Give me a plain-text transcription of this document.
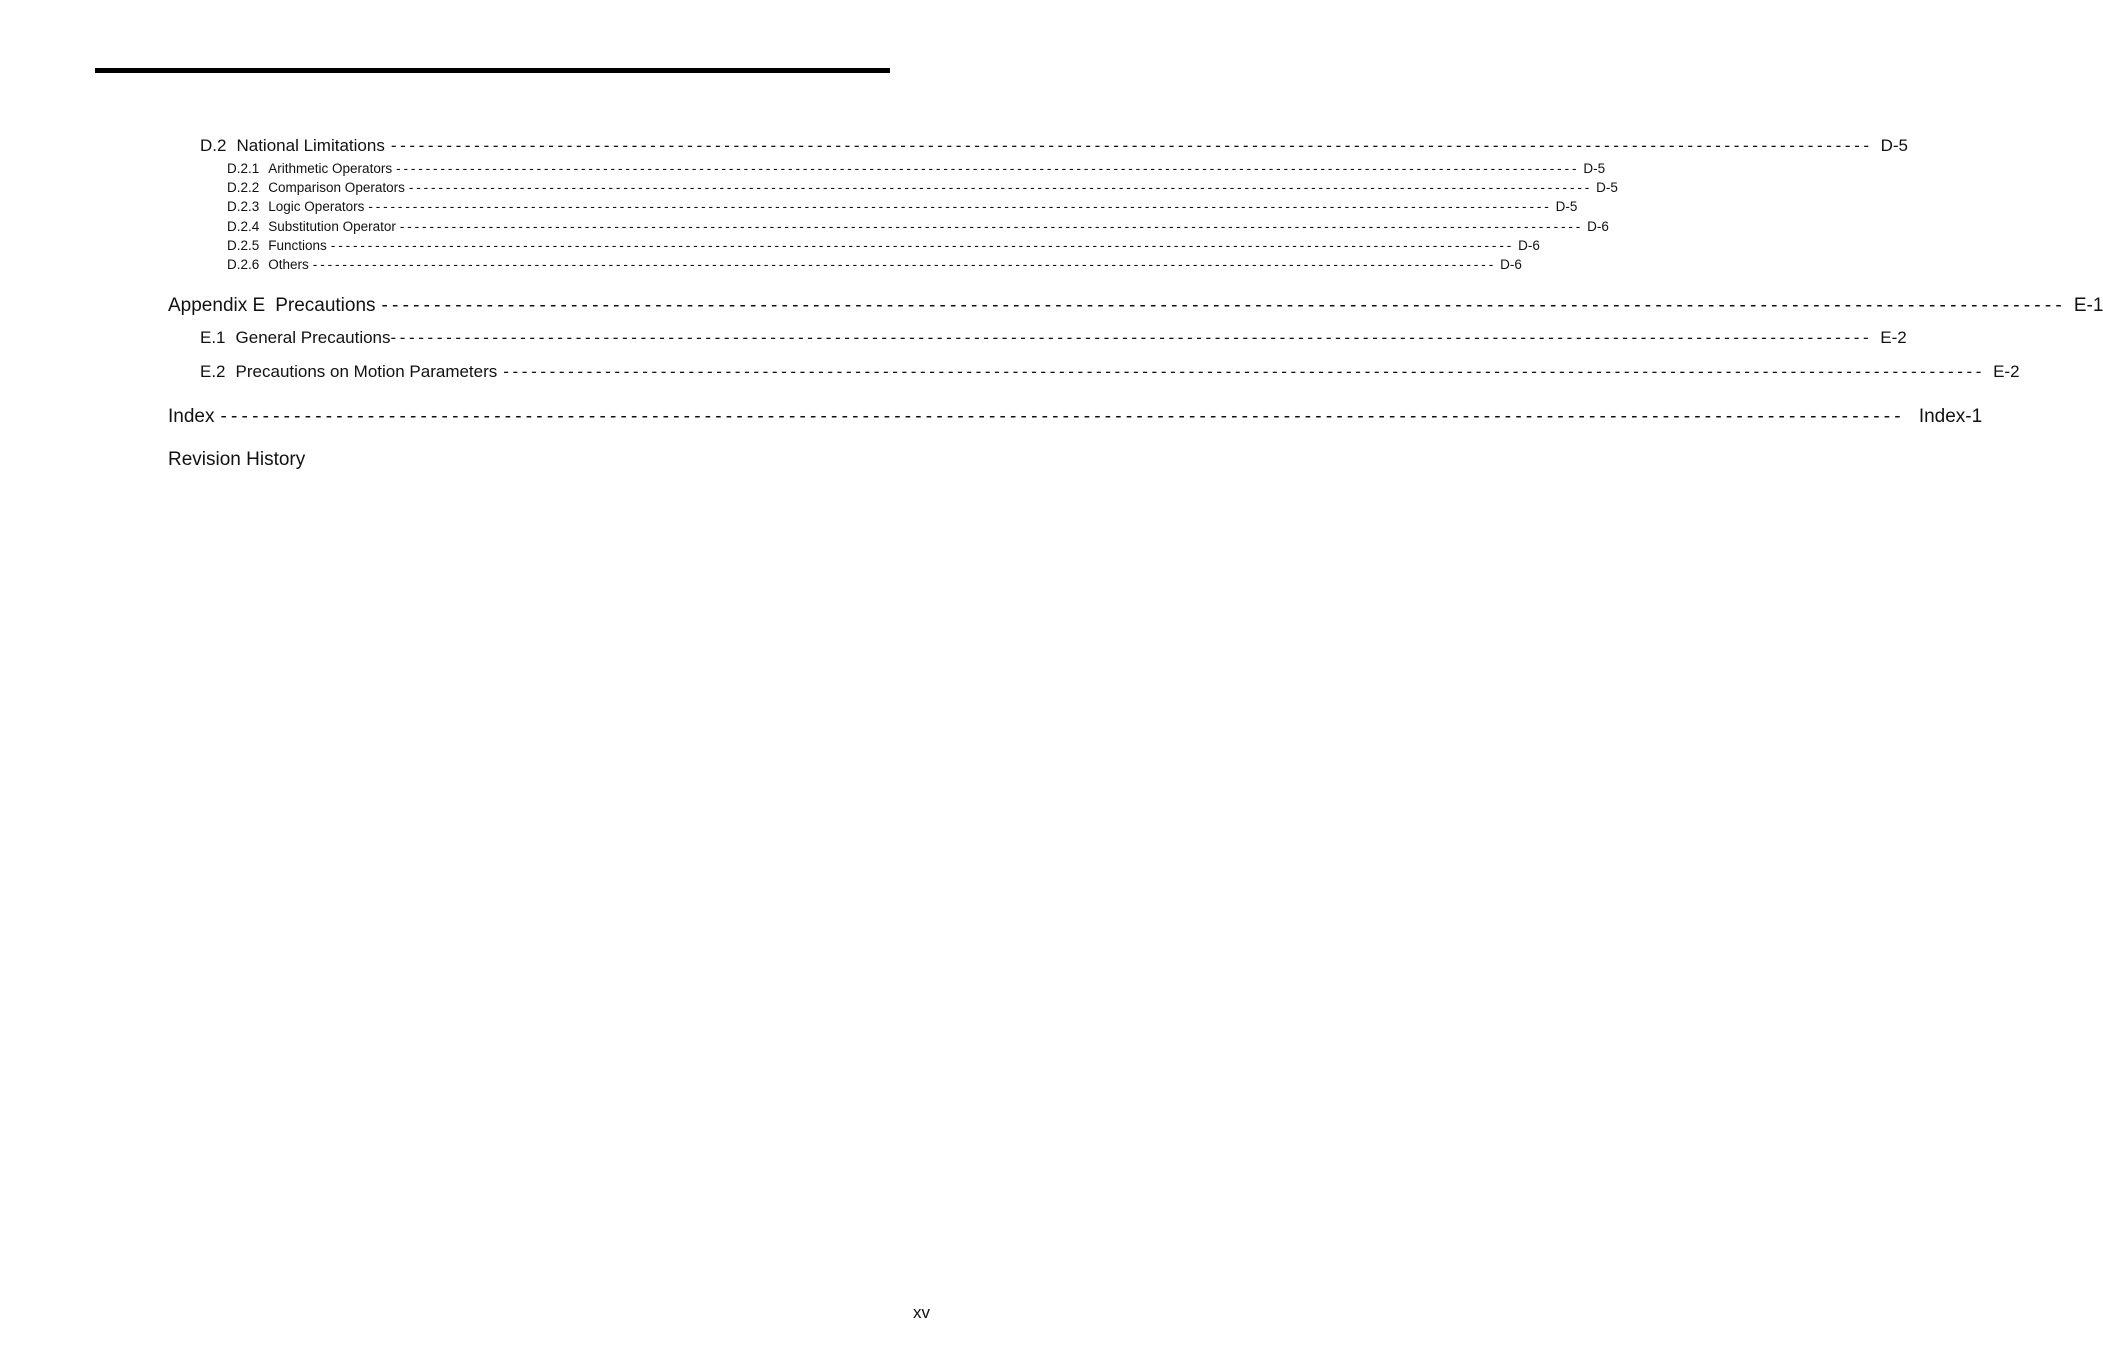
D.2 National Limitations ---------------------------------------------------------------------------------------------------------------------------------------------------------------- D-5
D.2.1 Arithmetic Operators ---------------------------------------------------------------------------------------------------------------------------------------------------------------- D-5
D.2.2 Comparison Operators ---------------------------------------------------------------------------------------------------------------------------------------------------------------- D-5
D.2.3 Logic Operators ---------------------------------------------------------------------------------------------------------------------------------------------------------------- D-5
D.2.4 Substitution Operator ---------------------------------------------------------------------------------------------------------------------------------------------------------------- D-6
D.2.5 Functions ---------------------------------------------------------------------------------------------------------------------------------------------------------------- D-6
D.2.6 Others ---------------------------------------------------------------------------------------------------------------------------------------------------------------- D-6
Appendix E Precautions ---------------------------------------------------------------------------------------------------------------------------------------------------------------- E-1
E.1 General Precautions ---------------------------------------------------------------------------------------------------------------------------------------------------------------- E-2
E.2 Precautions on Motion Parameters ---------------------------------------------------------------------------------------------------------------------------------------------------------------- E-2
Index ---------------------------------------------------------------------------------------------------------------------------------------------------------------- Index-1
Revision History
xv
